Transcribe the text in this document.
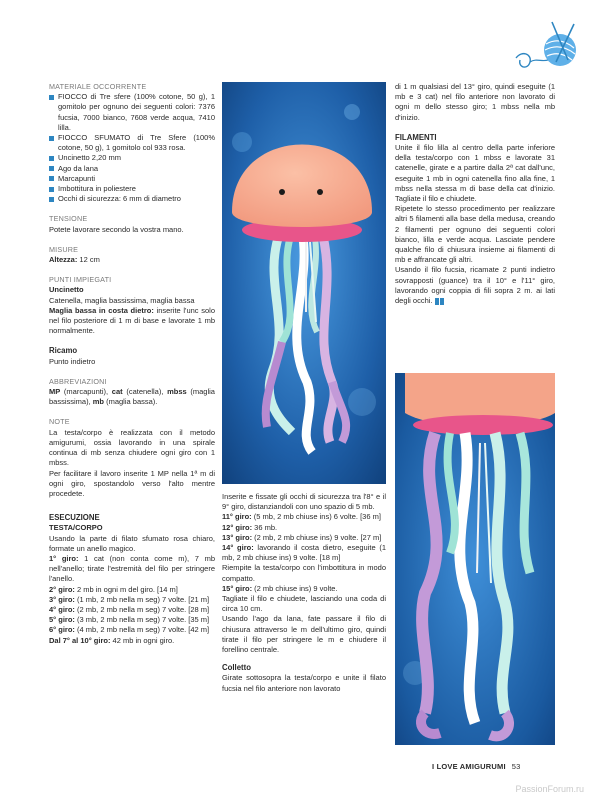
MATERIALE OCCORRENTE
FIOCCO di Tre sfere (100% cotone, 50 g), 1 gomitolo per ognuno dei seguenti colori: 7376 fucsia, 7000 bianco, 7608 verde acqua, 7410 lilla.
FIOCCO SFUMATO di Tre Sfere (100% cotone, 50 g), 1 gomitolo col 933 rosa.
Uncinetto 2,20 mm
Ago da lana
Marcapunti
Imbottitura in poliestere
Occhi di sicurezza: 6 mm di diametro
TENSIONE
Potete lavorare secondo la vostra mano.
MISURE
Altezza: 12 cm
PUNTI IMPIEGATI
Uncinetto
Catenella, maglia bassissima, maglia bassa
Maglia bassa in costa dietro: inserite l'unc solo nel filo posteriore di 1 m di base e lavorate 1 mb normalmente.
Ricamo
Punto indietro
ABBREVIAZIONI
MP (marcapunti), cat (catenella), mbss (maglia bassissima), mb (maglia bassa).
NOTE
La testa/corpo è realizzata con il metodo amigurumi, ossia lavorando in una spirale continua di mb senza chiudere ogni giro con 1 mbss.
Per facilitare il lavoro inserite 1 MP nella 1ª m di ogni giro, spostandolo verso l'alto mentre procedete.
ESECUZIONE
TESTA/CORPO
Usando la parte di filato sfumato rosa chiaro, formate un anello magico.
1° giro: 1 cat (non conta come m), 7 mb nell'anello; tirate l'estremità del filo per stringere l'anello.
2° giro: 2 mb in ogni m del giro. [14 m]
3° giro: (1 mb, 2 mb nella m seg) 7 volte. [21 m]
4° giro: (2 mb, 2 mb nella m seg) 7 volte. [28 m]
5° giro: (3 mb, 2 mb nella m seg) 7 volte. [35 m]
6° giro: (4 mb, 2 mb nella m seg) 7 volte. [42 m]
Dal 7° al 10° giro: 42 mb in ogni giro.
Inserite e fissate gli occhi di sicurezza tra l'8° e il 9° giro, distanziandoli con uno spazio di 5 mb.
11° giro: (5 mb, 2 mb chiuse ins) 6 volte. [36 m]
12° giro: 36 mb.
13° giro: (2 mb, 2 mb chiuse ins) 9 volte. [27 m]
14° giro: lavorando il costa dietro, eseguite (1 mb, 2 mb chiuse ins) 9 volte. [18 m]
Riempite la testa/corpo con l'imbottitura in modo compatto.
15° giro: (2 mb chiuse ins) 9 volte.
Tagliate il filo e chiudete, lasciando una coda di circa 10 cm.
Usando l'ago da lana, fate passare il filo di chiusura attraverso le m dell'ultimo giro, quindi tirate il filo per stringere le m e chiudere il forellino centrale.
Colletto
Girate sottosopra la testa/corpo e unite il filato fucsia nel filo anteriore non lavorato
di 1 m qualsiasi del 13° giro, quindi eseguite (1 mb e 3 cat) nel filo anteriore non lavorato di ogni m dello stesso giro; 1 mbss nella mb d'inizio.
FILAMENTI
Unite il filo lilla al centro della parte inferiore della testa/corpo con 1 mbss e lavorate 31 catenelle, girate e a partire dalla 2ª cat dall'unc, eseguite 1 mb in ogni catenella fino alla fine, 1 mbss nella stessa m di base della cat d'inizio. Tagliate il filo e chiudete.
Ripetete lo stesso procedimento per realizzare altri 5 filamenti alla base della medusa, creando 2 filamenti per ognuno dei seguenti colori bianco, lilla e verde acqua. Lasciate pendere qualche filo di chiusura insieme ai filamenti di mb e affrancate gli altri.
Usando il filo fucsia, ricamate 2 punti indietro sovrapposti (guance) tra il 10° e l'11° giro, lavorando ogni coppia di fili sopra 2 m. ai lati degli occhi.
I LOVE AMIGURUMI 53
PassionForum.ru
